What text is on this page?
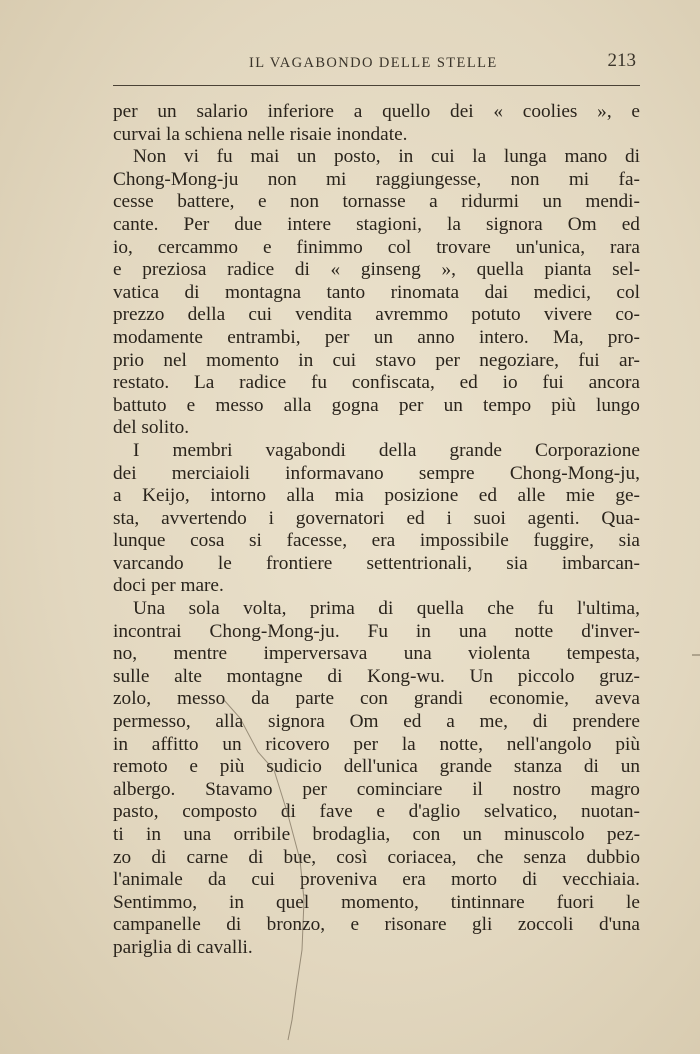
IL VAGABONDO DELLE STELLE	213
per un salario inferiore a quello dei « coolies », e
curvai la schiena nelle risaie inondate.
Non vi fu mai un posto, in cui la lunga mano di
Chong-Mong-ju non mi raggiungesse, non mi fa-
cesse battere, e non tornasse a ridurmi un mendi-
cante. Per due intere stagioni, la signora Om ed
io, cercammo e finimmo col trovare un'unica, rara
e preziosa radice di « ginseng », quella pianta sel-
vatica di montagna tanto rinomata dai medici, col
prezzo della cui vendita avremmo potuto vivere co-
modamente entrambi, per un anno intero. Ma, pro-
prio nel momento in cui stavo per negoziare, fui ar-
restato. La radice fu confiscata, ed io fui ancora
battuto e messo alla gogna per un tempo più lungo
del solito.
I membri vagabondi della grande Corporazione
dei merciaioli informavano sempre Chong-Mong-ju,
a Keijo, intorno alla mia posizione ed alle mie ge-
sta, avvertendo i governatori ed i suoi agenti. Qua-
lunque cosa si facesse, era impossibile fuggire, sia
varcando le frontiere settentrionali, sia imbarcan-
doci per mare.
Una sola volta, prima di quella che fu l'ultima,
incontrai Chong-Mong-ju. Fu in una notte d'inver-
no, mentre imperversava una violenta tempesta,
sulle alte montagne di Kong-wu. Un piccolo gruz-
zolo, messo da parte con grandi economie, aveva
permesso, alla signora Om ed a me, di prendere
in affitto un ricovero per la notte, nell'angolo più
remoto e più sudicio dell'unica grande stanza di un
albergo. Stavamo per cominciare il nostro magro
pasto, composto di fave e d'aglio selvatico, nuotan-
ti in una orribile brodaglia, con un minuscolo pez-
zo di carne di bue, così coriacea, che senza dubbio
l'animale da cui proveniva era morto di vecchiaia.
Sentimmo, in quel momento, tintinnare fuori le
campanelle di bronzo, e risonare gli zoccoli d'una
pariglia di cavalli.
